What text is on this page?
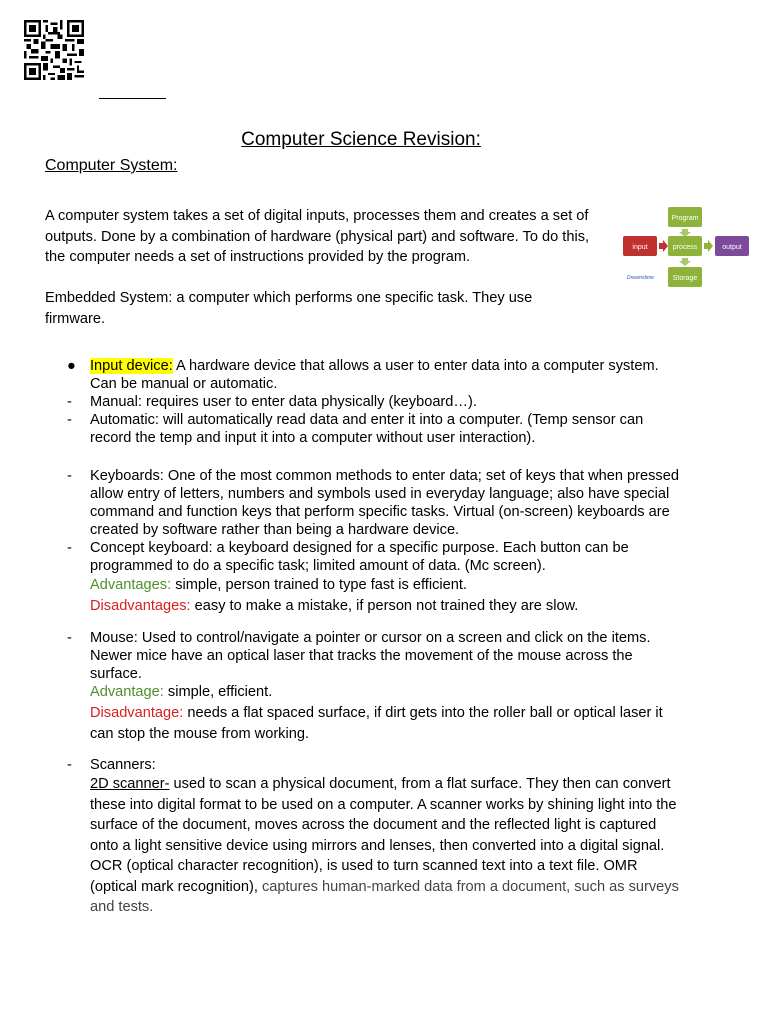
Computer Science Revision:
Computer System:
A computer system takes a set of digital inputs, processes them and creates a set of outputs. Done by a combination of hardware (physical part) and software. To do this, the computer needs a set of instructions provided by the program.
Embedded System: a computer which performs one specific task. They use firmware.
Program
input	process	output
Storage
Dreamstime
● Input device: A hardware device that allows a user to enter data into a computer system. Can be manual or automatic.
- Manual: requires user to enter data physically (keyboard…).
- Automatic: will automatically read data and enter it into a computer. (Temp sensor can record the temp and input it into a computer without user interaction).
- Keyboards: One of the most common methods to enter data; set of keys that when pressed allow entry of letters, numbers and symbols used in everyday language; also have special command and function keys that perform specific tasks. Virtual (on-screen) keyboards are created by software rather than being a hardware device.
- Concept keyboard: a keyboard designed for a specific purpose. Each button can be programmed to do a specific task; limited amount of data. (Mc screen).
Advantages: simple, person trained to type fast is efficient.
Disadvantages: easy to make a mistake, if person not trained they are slow.
- Mouse: Used to control/navigate a pointer or cursor on a screen and click on the items. Newer mice have an optical laser that tracks the movement of the mouse across the surface.
Advantage: simple, efficient.
Disadvantage: needs a flat spaced surface, if dirt gets into the roller ball or optical laser it can stop the mouse from working.
- Scanners:
2D scanner- used to scan a physical document, from a flat surface. They then can convert these into digital format to be used on a computer. A scanner works by shining light into the surface of the document, moves across the document and the reflected light is captured onto a light sensitive device using mirrors and lenses, then converted into a digital signal. OCR (optical character recognition), is used to turn scanned text into a text file. OMR (optical mark recognition), captures human-marked data from a document, such as surveys and tests.
